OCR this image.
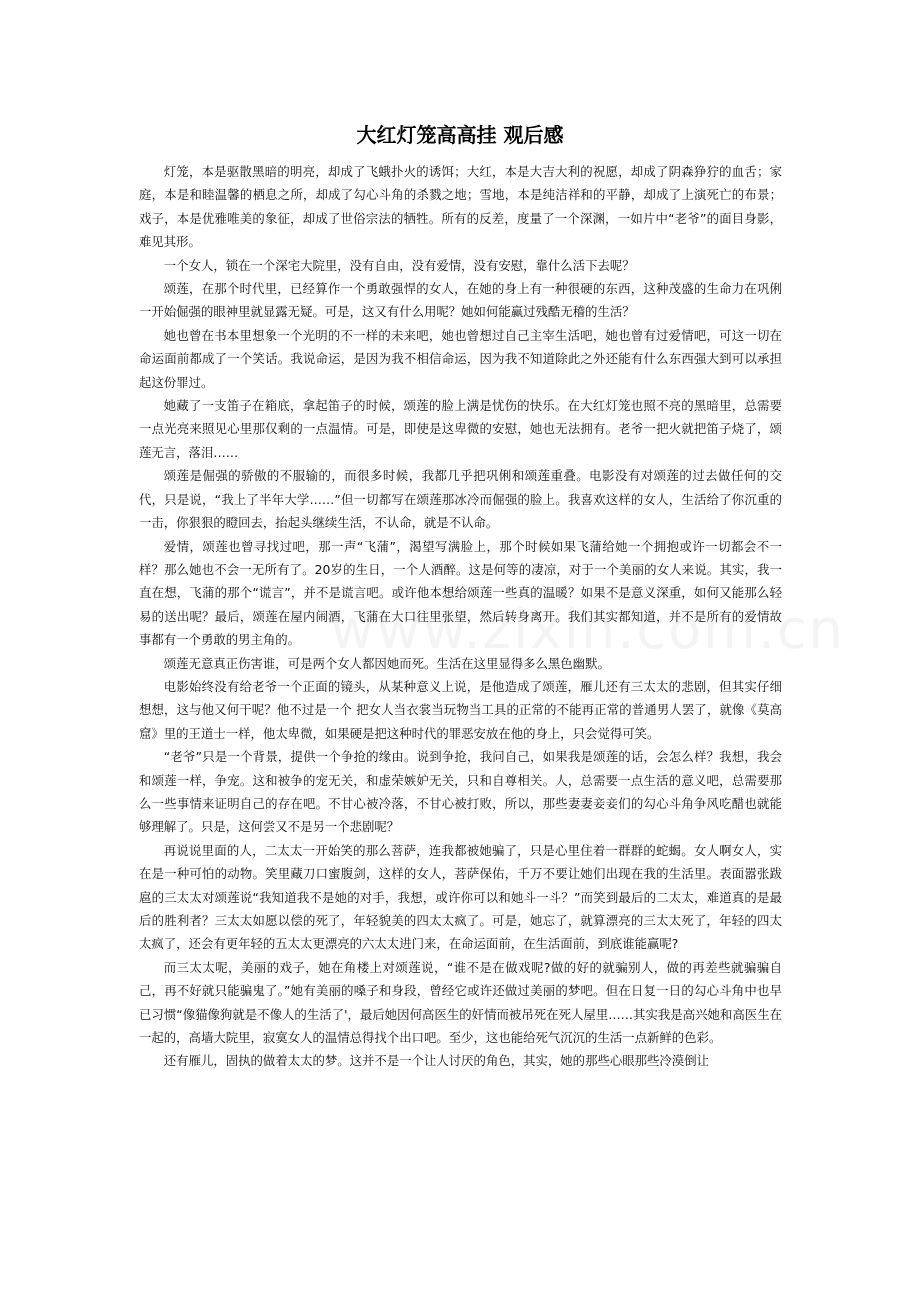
大红灯笼高高挂 观后感

灯笼，本是驱散黑暗的明亮，却成了飞蛾扑火的诱饵；大红，本是大吉大利的祝愿，却成了阴森狰狞的血舌；家庭，本是和睦温馨的栖息之所，却成了勾心斗角的杀戮之地；雪地，本是纯洁祥和的平静，却成了上演死亡的布景；戏子，本是优雅唯美的象征，却成了世俗宗法的牺牲。所有的反差，度量了一个深渊，一如片中“老爷”的面目身影，难见其形。

一个女人，锁在一个深宅大院里，没有自由，没有爱情，没有安慰，靠什么活下去呢？

颂莲，在那个时代里，已经算作一个勇敢强悍的女人，在她的身上有一种很硬的东西，这种茂盛的生命力在巩俐一开始倔强的眼神里就显露无疑。可是，这又有什么用呢？她如何能赢过残酷无稽的生活？

她也曾在书本里想象一个光明的不一样的未来吧，她也曾想过自己主宰生活吧，她也曾有过爱情吧，可这一切在命运面前都成了一个笑话。我说命运，是因为我不相信命运，因为我不知道除此之外还能有什么东西强大到可以承担起这份罪过。

她藏了一支笛子在箱底，拿起笛子的时候，颂莲的脸上满是忧伤的快乐。在大红灯笼也照不亮的黑暗里，总需要一点光亮来照见心里那仅剩的一点温情。可是，即使是这卑微的安慰，她也无法拥有。老爷一把火就把笛子烧了，颂莲无言，落泪……

颂莲是倔强的骄傲的不服输的，而很多时候，我都几乎把巩俐和颂莲重叠。电影没有对颂莲的过去做任何的交代，只是说，“我上了半年大学……”但一切都写在颂莲那冰冷而倔强的脸上。我喜欢这样的女人，生活给了你沉重的一击，你狠狠的瞪回去，抬起头继续生活，不认命，就是不认命。

爱情，颂莲也曾寻找过吧，那一声“飞蒲”，渴望写满脸上，那个时候如果飞蒲给她一个拥抱或许一切都会不一样？那么她也不会一无所有了。20岁的生日，一个人酒醉。这是何等的凄凉，对于一个美丽的女人来说。其实，我一直在想，飞蒲的那个“谎言”，并不是谎言吧。或许他本想给颂莲一些真的温暖？如果不是意义深重，如何又能那么轻易的送出呢？最后，颂莲在屋内闹酒，飞蒲在大口往里张望，然后转身离开。我们其实都知道，并不是所有的爱情故事都有一个勇敢的男主角的。

颂莲无意真正伤害谁，可是两个女人都因她而死。生活在这里显得多么黑色幽默。

电影始终没有给老爷一个正面的镜头，从某种意义上说，是他造成了颂莲，雁儿还有三太太的悲剧，但其实仔细想想，这与他又何干呢？他不过是一个 把女人当衣裳当玩物当工具的正常的不能再正常的普通男人罢了，就像《莫高窟》里的王道士一样，他太卑微，如果硬是把这种时代的罪恶安放在他的身上，只会觉得可笑。

“老爷”只是一个背景，提供一个争抢的缘由。说到争抢，我问自己，如果我是颂莲的话，会怎么样？我想，我会和颂莲一样，争宠。这和被争的宠无关，和虚荣嫉妒无关，只和自尊相关。人，总需要一点生活的意义吧，总需要那么一些事情来证明自己的存在吧。不甘心被冷落，不甘心被打败，所以，那些妻妻妾妾们的勾心斗角争风吃醋也就能够理解了。只是，这何尝又不是另一个悲剧呢？

再说说里面的人，二太太一开始笑的那么菩萨，连我都被她骗了，只是心里住着一群群的蛇蝎。女人啊女人，实在是一种可怕的动物。笑里藏刀口蜜腹剑，这样的女人，菩萨保佑，千万不要让她们出现在我的生活里。表面嚣张跋扈的三太太对颂莲说“我知道我不是她的对手，我想，或许你可以和她斗一斗？”而笑到最后的二太太，难道真的是最后的胜利者？三太太如愿以偿的死了，年轻貌美的四太太疯了。可是，她忘了，就算漂亮的三太太死了，年轻的四太太疯了，还会有更年轻的五太太更漂亮的六太太进门来，在命运面前，在生活面前，到底谁能赢呢?

而三太太呢，美丽的戏子，她在角楼上对颂莲说，“谁不是在做戏呢?做的好的就骗别人，做的再差些就骗骗自己，再不好就只能骗鬼了。”她有美丽的嗓子和身段，曾经它或许还做过美丽的梦吧。但在日复一日的勾心斗角中也早已习惯“像猫像狗就是不像人的生活了'，最后她因何高医生的奸情而被吊死在死人屋里……其实我是高兴她和高医生在一起的，高墙大院里，寂寞女人的温情总得找个出口吧。至少，这也能给死气沉沉的生活一点新鲜的色彩。

还有雁儿，固执的做着太太的梦。这并不是一个让人讨厌的角色，其实，她的那些心眼那些冷漠倒让
